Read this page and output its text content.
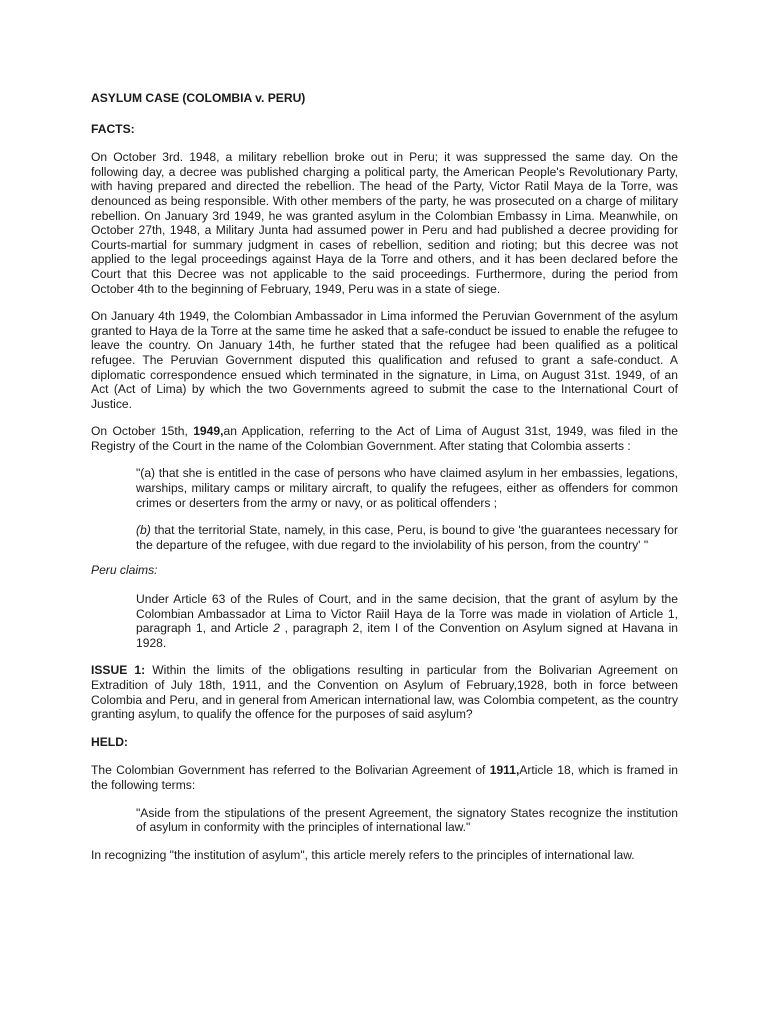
ASYLUM CASE (COLOMBIA v. PERU)
FACTS:

On October 3rd. 1948, a military rebellion broke out in Peru; it was suppressed the same day. On the following day, a decree was published charging a political party, the American People's Revolutionary Party, with having prepared and directed the rebellion. The head of the Party, Victor Ratil Maya de la Torre, was denounced as being responsible. With other members of the party, he was prosecuted on a charge of military rebellion. On January 3rd 1949, he was granted asylum in the Colombian Embassy in Lima. Meanwhile, on October 27th, 1948, a Military Junta had assumed power in Peru and had published a decree providing for Courts-martial for summary judgment in cases of rebellion, sedition and rioting; but this decree was not applied to the legal proceedings against Haya de la Torre and others, and it has been declared before the Court that this Decree was not applicable to the said proceedings. Furthermore, during the period from October 4th to the beginning of February, 1949, Peru was in a state of siege.

On January 4th 1949, the Colombian Ambassador in Lima informed the Peruvian Government of the asylum granted to Haya de la Torre at the same time he asked that a safe-conduct be issued to enable the refugee to leave the country. On January 14th, he further stated that the refugee had been qualified as a political refugee. The Peruvian Government disputed this qualification and refused to grant a safe-conduct. A diplomatic correspondence ensued which terminated in the signature, in Lima, on August 31st. 1949, of an Act (Act of Lima) by which the two Governments agreed to submit the case to the International Court of Justice.

On October 15th, 1949,an Application, referring to the Act of Lima of August 31st, 1949, was filed in the Registry of the Court in the name of the Colombian Government. After stating that Colombia asserts :

"(a) that she is entitled in the case of persons who have claimed asylum in her embassies, legations, warships, military camps or military aircraft, to qualify the refugees, either as offenders for common crimes or deserters from the army or navy, or as political offenders ;

(b) that the territorial State, namely, in this case, Peru, is bound to give 'the guarantees necessary for the departure of the refugee, with due regard to the inviolability of his person, from the country' "

Peru claims:

Under Article 63 of the Rules of Court, and in the same decision, that the grant of asylum by the Colombian Ambassador at Lima to Victor Raiil Haya de la Torre was made in violation of Article 1, paragraph 1, and Article 2 , paragraph 2, item I of the Convention on Asylum signed at Havana in 1928.

ISSUE 1: Within the limits of the obligations resulting in particular from the Bolivarian Agreement on Extradition of July 18th, 1911, and the Convention on Asylum of February,1928, both in force between Colombia and Peru, and in general from American international law, was Colombia competent, as the country granting asylum, to qualify the offence for the purposes of said asylum?

HELD:

The Colombian Government has referred to the Bolivarian Agreement of 1911,Article 18, which is framed in the following terms:

"Aside from the stipulations of the present Agreement, the signatory States recognize the institution of asylum in conformity with the principles of international law."

In recognizing "the institution of asylum", this article merely refers to the principles of international law.
